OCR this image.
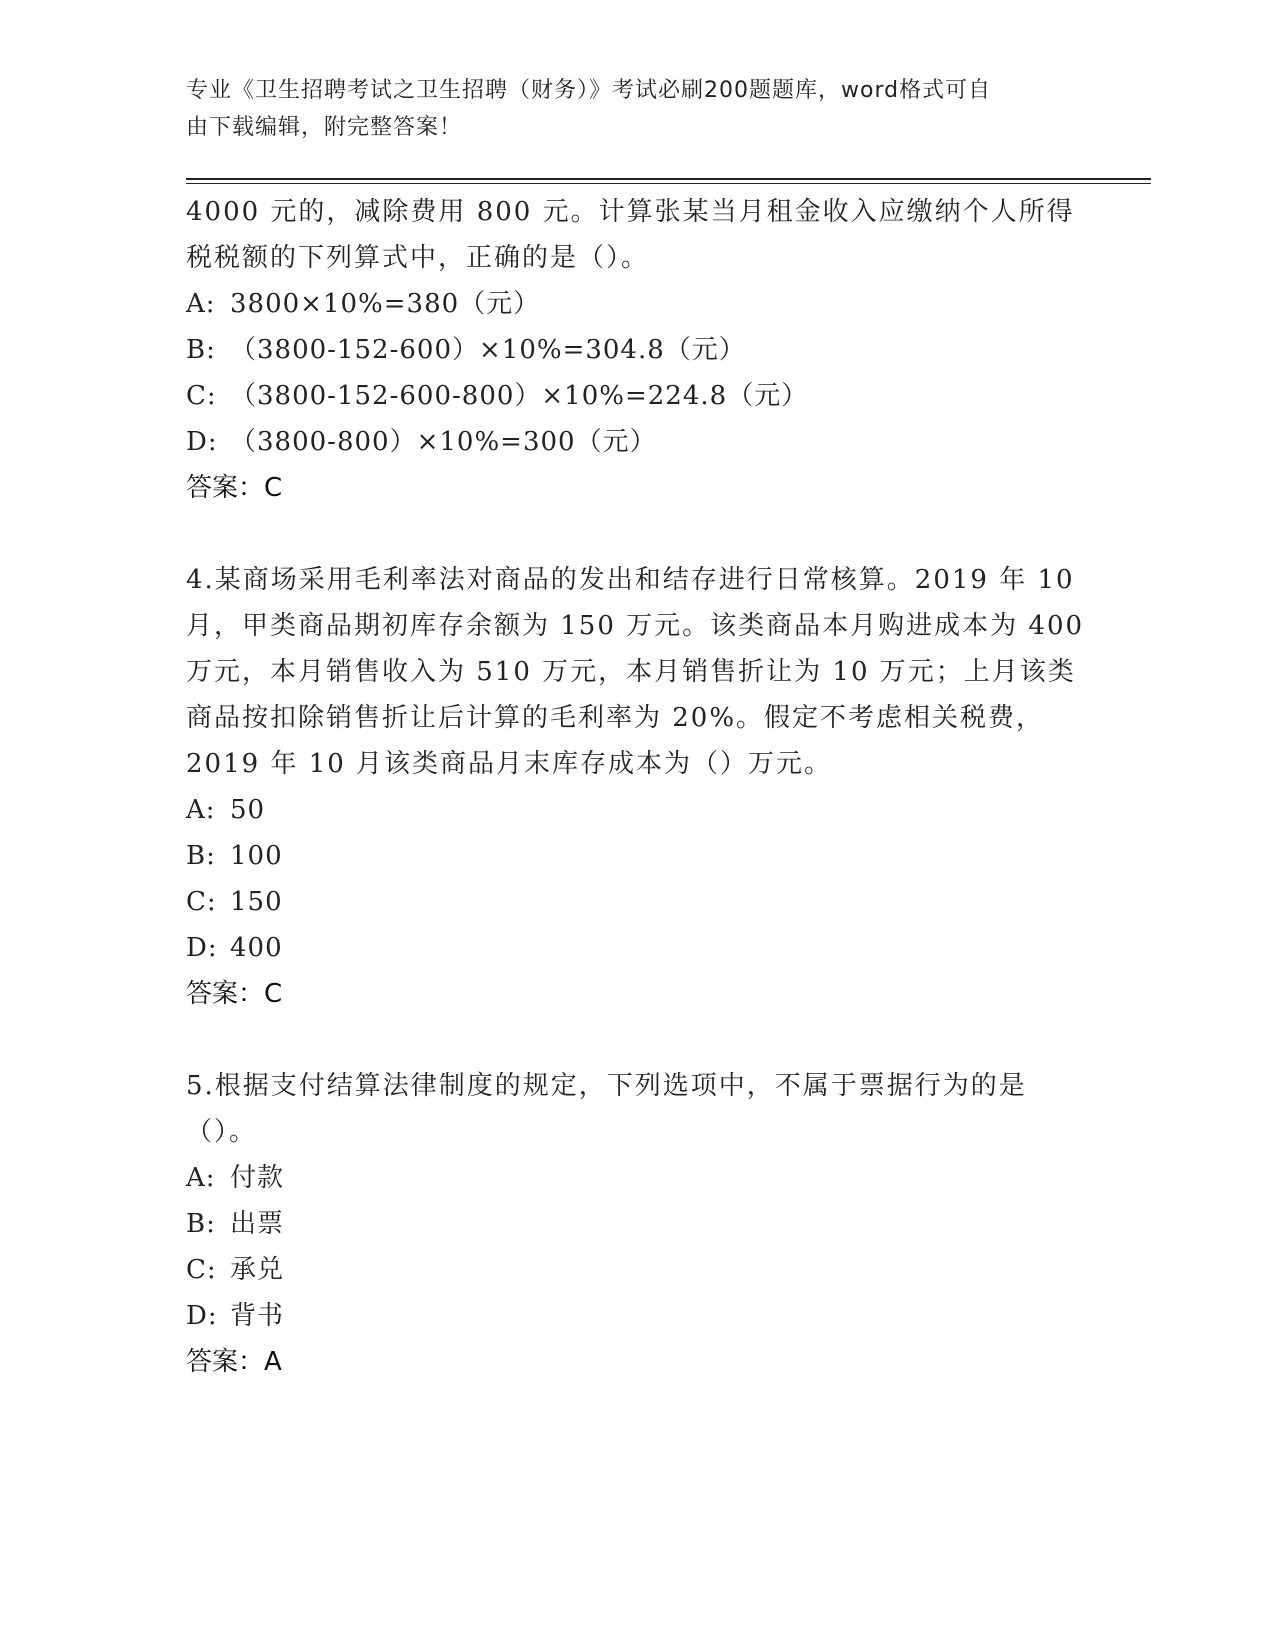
专业《卫生招聘考试之卫生招聘（财务）》考试必刷200题题库，word格式可自
由下载编辑，附完整答案！

4000 元的，减除费用 800 元。计算张某当月租金收入应缴纳个人所得

税税额的下列算式中，正确的是（）。

A: 3800×10%=380（元）

B: （3800-152-600）×10%=304.8（元）

C: （3800-152-600-800）×10%=224.8（元）

D: （3800-800）×10%=300（元）

答案：C

4.某商场采用毛利率法对商品的发出和结存进行日常核算。2019 年 10

月，甲类商品期初库存余额为 150 万元。该类商品本月购进成本为 400

万元，本月销售收入为 510 万元，本月销售折让为 10 万元；上月该类

商品按扣除销售折让后计算的毛利率为 20%。假定不考虑相关税费，

2019 年 10 月该类商品月末库存成本为（）万元。

A: 50

B: 100

C: 150

D: 400

答案：C

5.根据支付结算法律制度的规定，下列选项中，不属于票据行为的是

（）。

A: 付款

B: 出票

C: 承兑

D: 背书

答案：A
